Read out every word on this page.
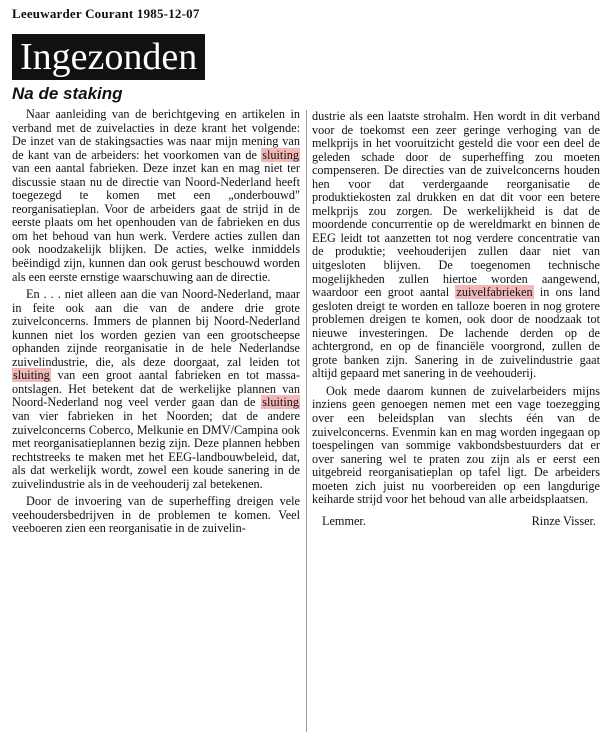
Leeuwarder Courant 1985-12-07
Ingezonden
Na de staking

Naar aanleiding van de berichtgeving en artikelen in verband met de zuivelacties in deze krant het volgende: De inzet van de stakingsacties was naar mijn mening van de kant van de arbeiders: het voorkomen van de sluiting van een aantal fabrieken. Deze inzet kan en mag niet ter discussie staan nu de directie van Noord-Nederland heeft toegezegd te komen met een „onderbouwd" reorganisatieplan. Voor de arbeiders gaat de strijd in de eerste plaats om het openhouden van de fabrieken en dus om het behoud van hun werk. Verdere acties zullen dan ook noodzakelijk blijken. De acties, welke inmiddels beëindigd zijn, kunnen dan ook gerust beschouwd worden als een eerste ernstige waarschuwing aan de directie.

En . . . niet alleen aan die van Noord-Nederland, maar in feite ook aan die van de andere drie grote zuivelconcerns. Immers de plannen bij Noord-Nederland kunnen niet los worden gezien van een grootscheepse ophanden zijnde reorganisatie in de hele Nederlandse zuivelindustrie, die, als deze doorgaat, zal leiden tot sluiting van een groot aantal fabrieken en tot massa-ontslagen. Het betekent dat de werkelijke plannen van Noord-Nederland nog veel verder gaan dan de sluiting van vier fabrieken in het Noorden; dat de andere zuivelconcerns Coberco, Melkunie en DMV/Campina ook met reorganisatieplannen bezig zijn. Deze plannen hebben rechtstreeks te maken met het EEG-landbouwbeleid, dat, als dat werkelijk wordt, zowel een koude sanering in de zuivelindustrie als in de veehouderij zal betekenen.

Door de invoering van de superheffing dreigen vele veehoudersbedrijven in de problemen te komen. Veel veeboeren zien een reorganisatie in de zuivelin-

dustrie als een laatste strohalm. Hen wordt in dit verband voor de toekomst een zeer geringe verhoging van de melkprijs in het vooruitzicht gesteld die voor een deel de geleden schade door de superheffing zou moeten compenseren. De directies van de zuivelconcerns houden hen voor dat verdergaande reorganisatie de produktiekosten zal drukken en dat dit voor een betere melkprijs zou zorgen. De werkelijkheid is dat de moordende concurrentie op de wereldmarkt en binnen de EEG leidt tot aanzetten tot nog verdere concentratie van de produktie; veehouderijen zullen daar niet van uitgesloten blijven. De toegenomen technische mogelijkheden zullen hiertoe worden aangewend, waardoor een groot aantal zuivelfabrieken in ons land gesloten dreigt te worden en talloze boeren in nog grotere problemen dreigen te komen, ook door de noodzaak tot nieuwe investeringen. De lachende derden op de achtergrond, en op de financiële voorgrond, zullen de grote banken zijn. Sanering in de zuivelindustrie gaat altijd gepaard met sanering in de veehouderij.

Ook mede daarom kunnen de zuivelarbeiders mijns inziens geen genoegen nemen met een vage toezegging over een beleidsplan van slechts één van de zuivelconcerns. Evenmin kan en mag worden ingegaan op toespelingen van sommige vakbondsbestuurders dat er over sanering wel te praten zou zijn als er eerst een uitgebreid reorganisatieplan op tafel ligt. De arbeiders moeten zich juist nu voorbereiden op een langdurige keiharde strijd voor het behoud van alle arbeidsplaatsen.

Lemmer.	Rinze Visser.
